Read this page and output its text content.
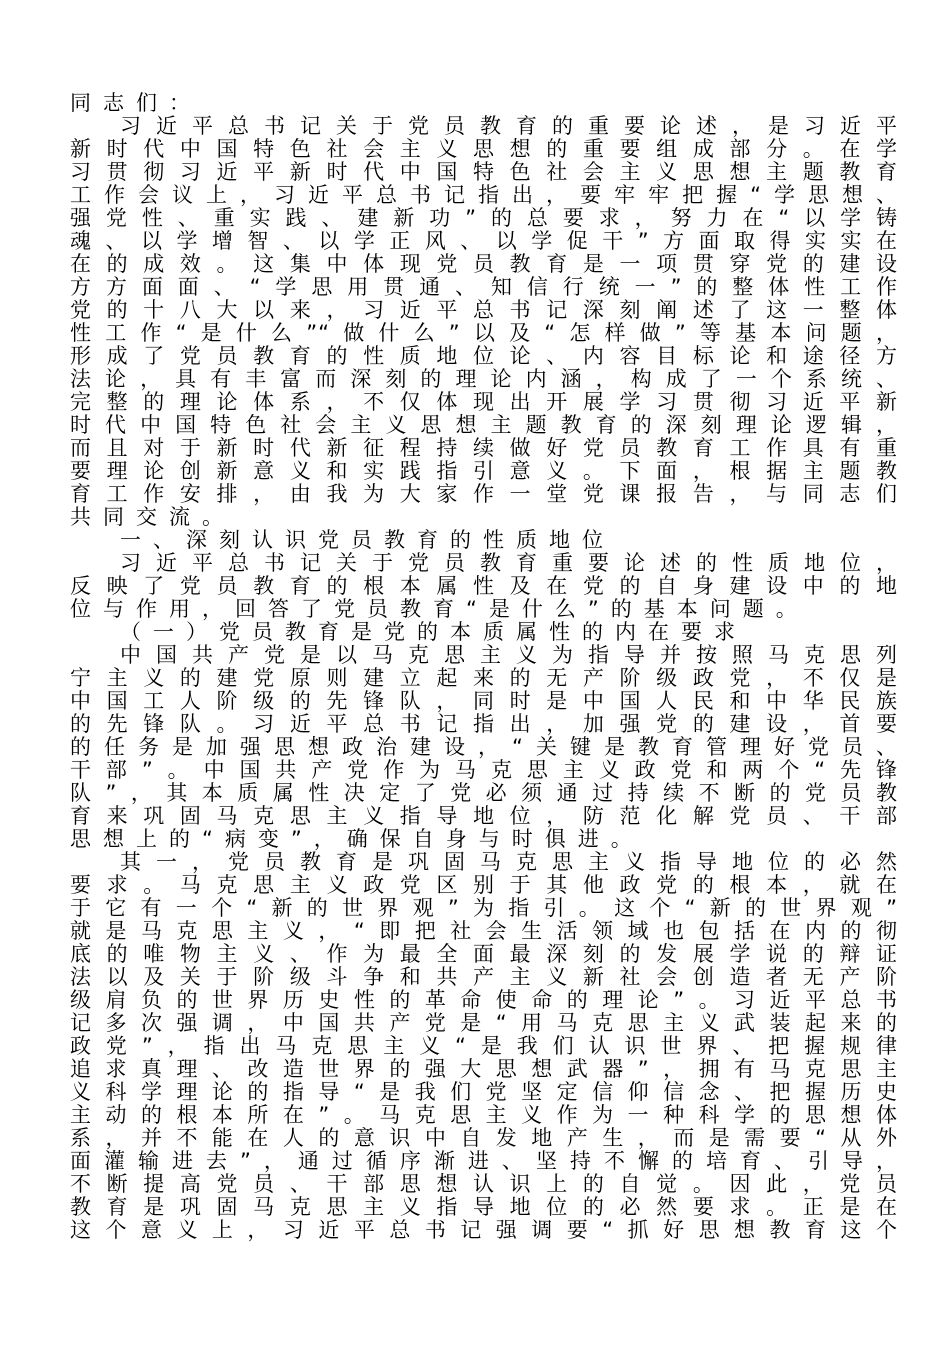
同志们：
习近平总书记关于党员教育的重要论述，是习近平
新时代中国特色社会主义思想的重要组成部分。在学
习贯彻习近平新时代中国特色社会主义思想主题教育
工作会议上，习近平总书记指出，要牢牢把握“学思想、
强党性、重实践、建新功”的总要求，努力在“以学铸
魂、以学增智、以学正风、以学促干”方面取得实实在
在的成效。这集中体现党员教育是一项贯穿党的建设
方方面面、“学思用贯通、知信行统一”的整体性工作
党的十八大以来，习近平总书记深刻阐述了这一整体
性工作“是什么”“做什么”以及“怎样做”等基本问题，
形成了党员教育的性质地位论、内容目标论和途径方
法论，具有丰富而深刻的理论内涵，构成了一个系统、
完整的理论体系，不仅体现出开展学习贯彻习近平新
时代中国特色社会主义思想主题教育的深刻理论逻辑，
而且对于新时代新征程持续做好党员教育工作具有重
要理论创新意义和实践指引意义。下面，根据主题教
育工作安排，由我为大家作一堂党课报告，与同志们
共同交流。
一、深刻认识党员教育的性质地位
习近平总书记关于党员教育重要论述的性质地位，
反映了党员教育的根本属性及在党的自身建设中的地
位与作用，回答了党员教育“是什么”的基本问题。
（一）党员教育是党的本质属性的内在要求
中国共产党是以马克思主义为指导并按照马克思列
宁主义的建党原则建立起来的无产阶级政党，不仅是
中国工人阶级的先锋队，同时是中国人民和中华民族
的先锋队。习近平总书记指出，加强党的建设，首要
的任务是加强思想政治建设，“关键是教育管理好党员、
干部”。中国共产党作为马克思主义政党和两个“先锋
队”，其本质属性决定了党必须通过持续不断的党员教
育来巩固马克思主义指导地位，防范化解党员、干部
思想上的“病变”，确保自身与时俱进。
其一，党员教育是巩固马克思主义指导地位的必然
要求。马克思主义政党区别于其他政党的根本，就在
于它有一个“新的世界观”为指引。这个“新的世界观”
就是马克思主义，“即把社会生活领域也包括在内的彻
底的唯物主义、作为最全面最深刻的发展学说的辩证
法以及关于阶级斗争和共产主义新社会创造者无产阶
级肩负的世界历史性的革命使命的理论”。习近平总书
记多次强调，中国共产党是“用马克思主义武装起来的
政党”，指出马克思主义“是我们认识世界、把握规律
追求真理、改造世界的强大思想武器”，拥有马克思主
义科学理论的指导“是我们党坚定信仰信念、把握历史
主动的根本所在”。马克思主义作为一种科学的思想体
系，并不能在人的意识中自发地产生，而是需要“从外
面灌输进去”，通过循序渐进、坚持不懈的培育、引导，
不断提高党员、干部思想认识上的自觉。因此，党员
教育是巩固马克思主义指导地位的必然要求。正是在
这个意义上，习近平总书记强调要“抓好思想教育这个
